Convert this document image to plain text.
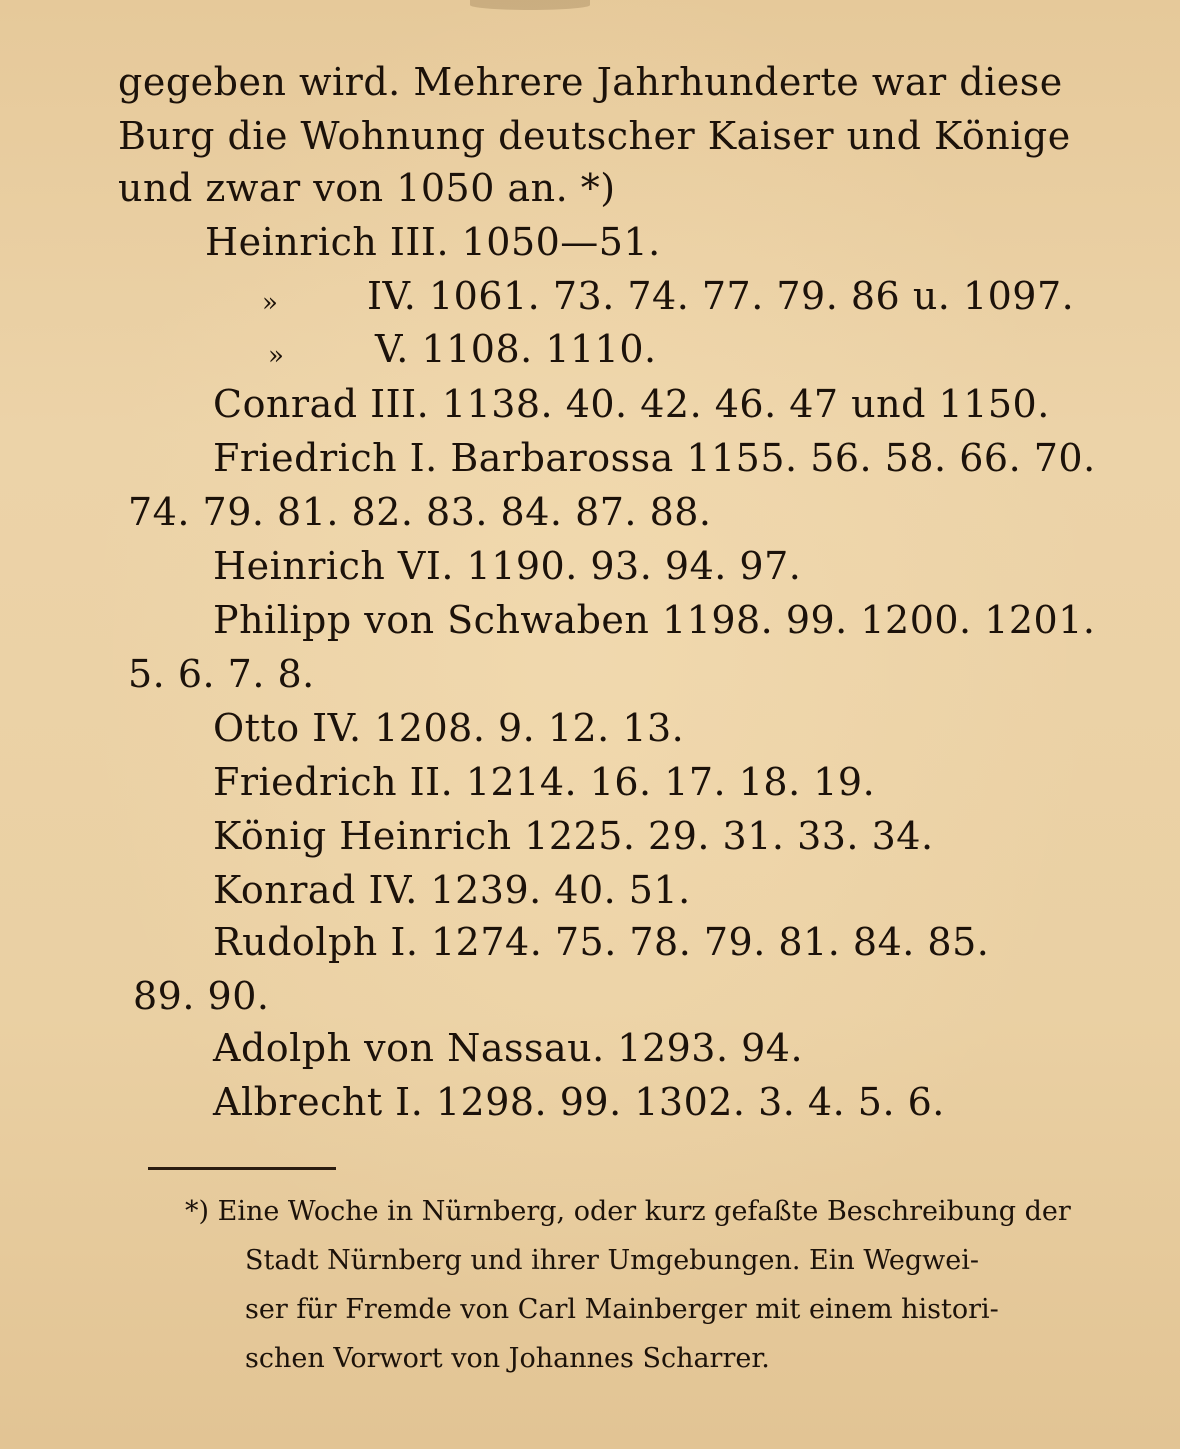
gegeben wird. Mehrere Jahrhunderte war diese
Burg die Wohnung deutscher Kaiser und Könige
und zwar von 1050 an. *)
Heinrich III. 1050—51.
» IV. 1061. 73. 74. 77. 79. 86 u. 1097.
» V. 1108. 1110.
Conrad III. 1138. 40. 42. 46. 47 und 1150.
Friedrich I. Barbarossa 1155. 56. 58. 66. 70.
74. 79. 81. 82. 83. 84. 87. 88.
Heinrich VI. 1190. 93. 94. 97.
Philipp von Schwaben 1198. 99. 1200. 1201.
5. 6. 7. 8.
Otto IV. 1208. 9. 12. 13.
Friedrich II. 1214. 16. 17. 18. 19.
König Heinrich 1225. 29. 31. 33. 34.
Konrad IV. 1239. 40. 51.
Rudolph I. 1274. 75. 78. 79. 81. 84. 85.
89. 90.
Adolph von Nassau. 1293. 94.
Albrecht I. 1298. 99. 1302. 3. 4. 5. 6.
*) Eine Woche in Nürnberg, oder kurz gefaßte Beschreibung der
Stadt Nürnberg und ihrer Umgebungen. Ein Wegwei-
ser für Fremde von Carl Mainberger mit einem histori-
schen Vorwort von Johannes Scharrer.
